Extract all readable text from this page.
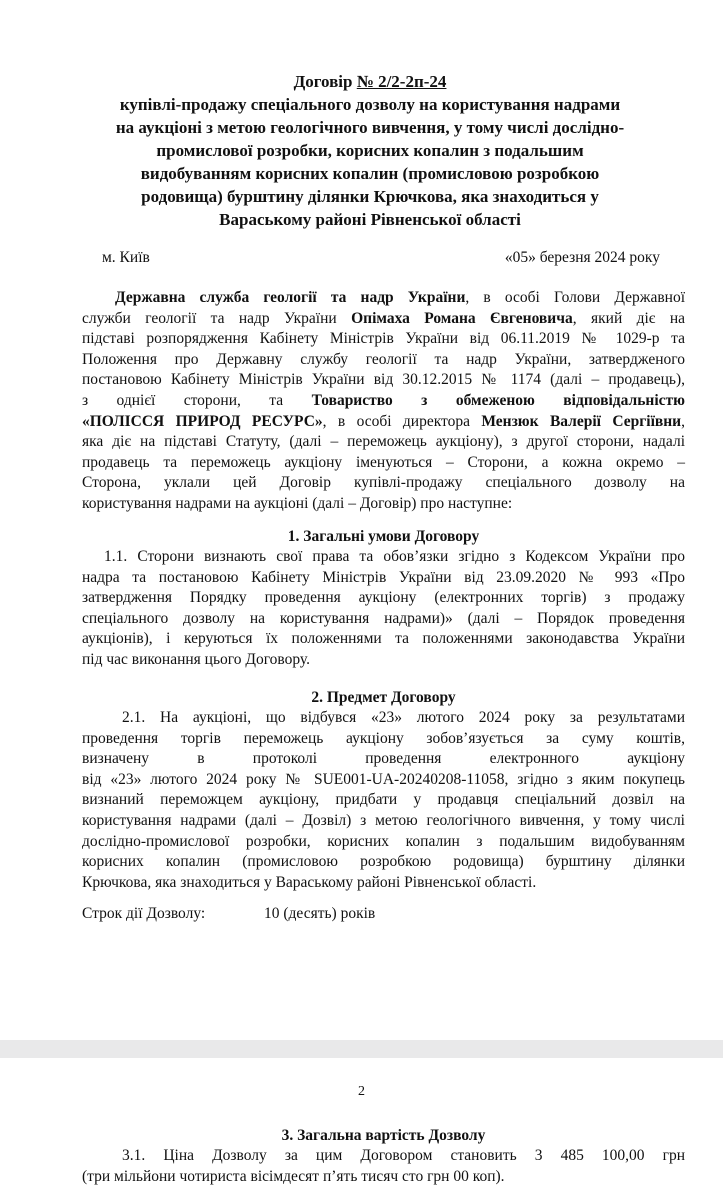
Договір № 2/2-2п-24
купівлі-продажу спеціального дозволу на користування надрами
на аукціоні з метою геологічного вивчення, у тому числі дослідно-
промислової розробки, корисних копалин з подальшим
видобуванням корисних копалин (промисловою розробкою
родовища) бурштину ділянки Крючкова, яка знаходиться у
Вараському районі Рівненської області
м. Київ	«05» березня 2024 року
Державна служба геології та надр України, в особі Голови Державної
служби геології та надр України Опімаха Романа Євгеновича, який діє на
підставі розпорядження Кабінету Міністрів України від 06.11.2019 № 1029-р та
Положення про Державну службу геології та надр України, затвердженого
постановою Кабінету Міністрів України від 30.12.2015 № 1174 (далі – продавець),
з однієї сторони, та Товариство з обмеженою відповідальністю
«ПОЛІССЯ ПРИРОД РЕСУРС», в особі директора Мензюк Валерії Сергіївни,
яка діє на підставі Статуту, (далі – переможець аукціону), з другої сторони, надалі
продавець та переможець аукціону іменуються – Сторони, а кожна окремо –
Сторона, уклали цей Договір купівлі-продажу спеціального дозволу на
користування надрами на аукціоні (далі – Договір) про наступне:
1. Загальні умови Договору
1.1. Сторони визнають свої права та обов’язки згідно з Кодексом України про
надра та постановою Кабінету Міністрів України від 23.09.2020 № 993 «Про
затвердження Порядку проведення аукціону (електронних торгів) з продажу
спеціального дозволу на користування надрами)» (далі – Порядок проведення
аукціонів), і керуються їх положеннями та положеннями законодавства України
під час виконання цього Договору.
2. Предмет Договору
2.1. На аукціоні, що відбувся «23» лютого 2024 року за результатами
проведення торгів переможець аукціону зобов’язується за суму коштів,
визначену в протоколі проведення електронного аукціону
від «23» лютого 2024 року № SUE001-UA-20240208-11058, згідно з яким покупець
визнаний переможцем аукціону, придбати у продавця спеціальний дозвіл на
користування надрами (далі – Дозвіл) з метою геологічного вивчення, у тому числі
дослідно-промислової розробки, корисних копалин з подальшим видобуванням
корисних копалин (промисловою розробкою родовища) бурштину ділянки
Крючкова, яка знаходиться у Вараському районі Рівненської області.
Строк дії Дозволу:	10 (десять) років
2
3. Загальна вартість Дозволу
3.1. Ціна Дозволу за цим Договором становить 3 485 100,00 грн
(три мільйони чотириста вісімдесят п’ять тисяч сто грн 00 коп).
